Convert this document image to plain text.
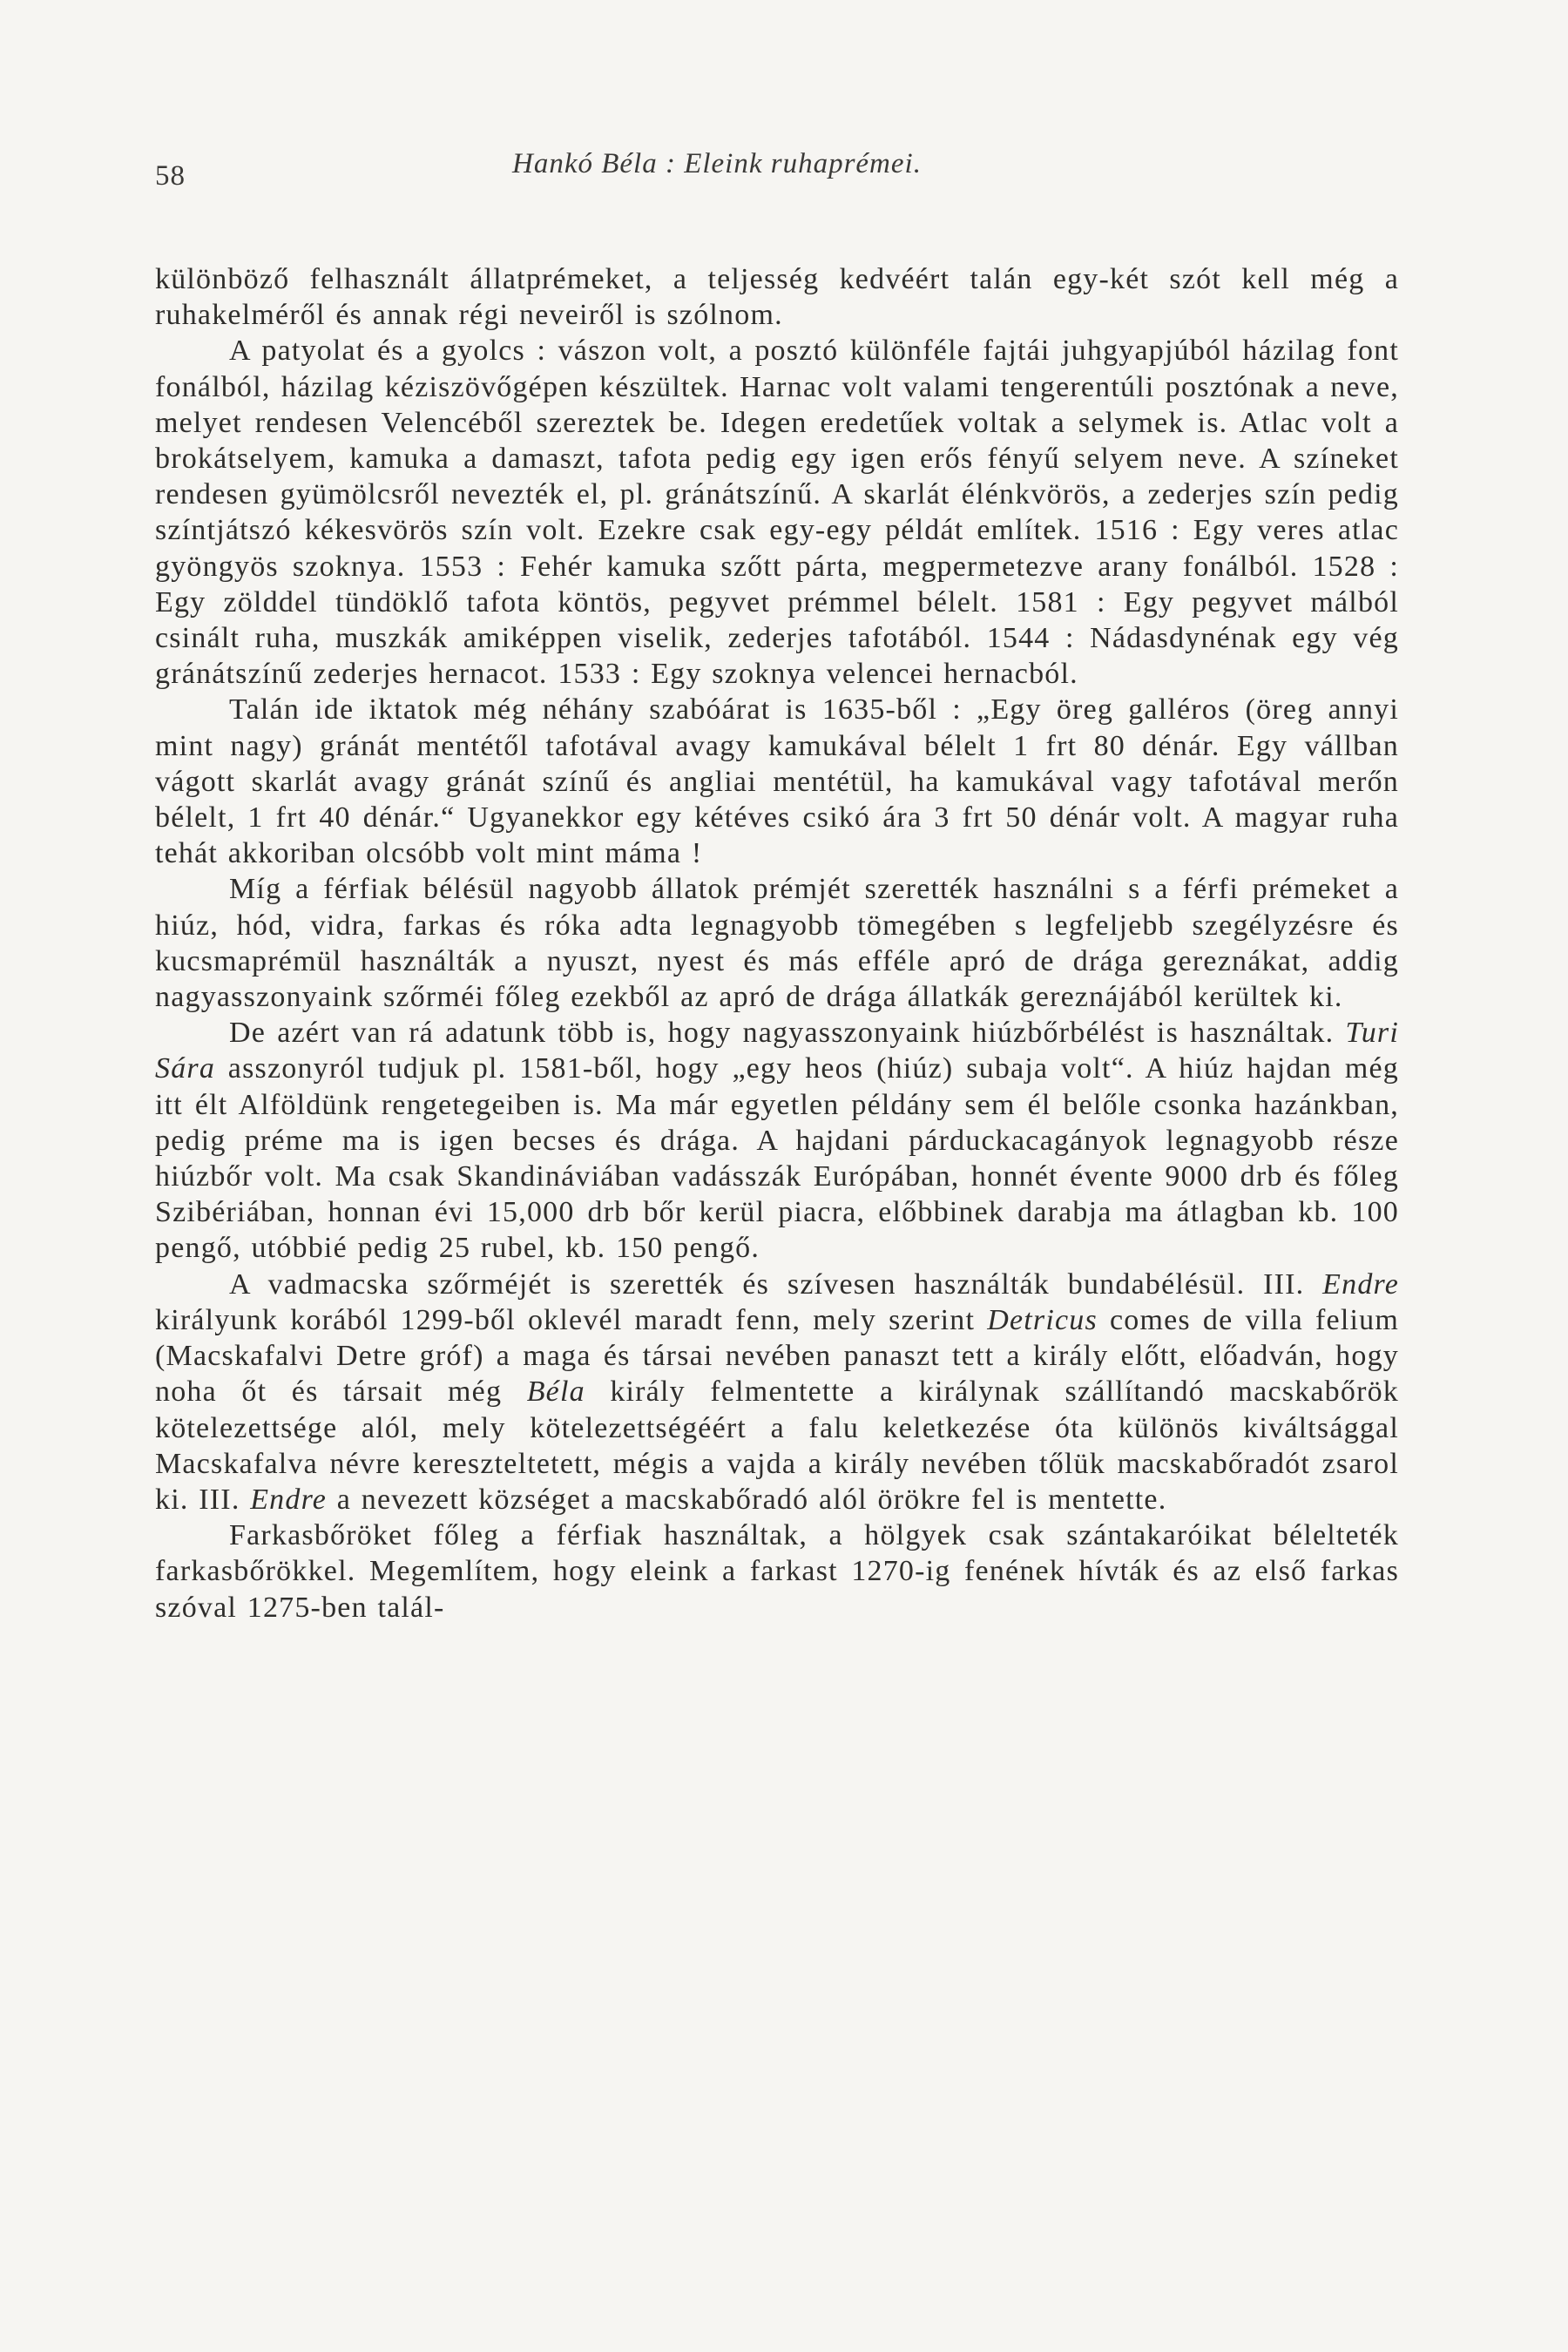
58	Hankó Béla : Eleink ruhaprémei.

különböző felhasznált állatprémeket, a teljesség kedvéért talán egy-két szót kell még a ruhakelméről és annak régi neveiről is szólnom.

A patyolat és a gyolcs : vászon volt, a posztó különféle fajtái juhgyapjúból házilag font fonálból, házilag kéziszövőgépen készültek. Harnac volt valami tengerentúli posztónak a neve, melyet rendesen Velencéből szereztek be. Idegen eredetűek voltak a selymek is. Atlac volt a brokátselyem, kamuka a damaszt, tafota pedig egy igen erős fényű selyem neve. A színeket rendesen gyümölcsről nevezték el, pl. gránátszínű. A skarlát élénkvörös, a zederjes szín pedig színtjátszó kékesvörös szín volt. Ezekre csak egy-egy példát említek. 1516 : Egy veres atlac gyöngyös szoknya. 1553 : Fehér kamuka szőtt párta, megpermetezve arany fonálból. 1528 : Egy zölddel tündöklő tafota köntös, pegyvet prémmel bélelt. 1581 : Egy pegyvet málból csinált ruha, muszkák amiképpen viselik, zederjes tafotából. 1544 : Nádasdynénak egy vég gránátszínű zederjes hernacot. 1533 : Egy szoknya velencei hernacból.

Talán ide iktatok még néhány szabóárat is 1635-ből : „Egy öreg galléros (öreg annyi mint nagy) gránát mentétől tafotával avagy kamukával bélelt 1 frt 80 dénár. Egy vállban vágott skarlát avagy gránát színű és angliai mentétül, ha kamukával vagy tafotával merőn bélelt, 1 frt 40 dénár.“ Ugyanekkor egy kétéves csikó ára 3 frt 50 dénár volt. A magyar ruha tehát akkoriban olcsóbb volt mint máma !

Míg a férfiak bélésül nagyobb állatok prémjét szerették használni s a férfi prémeket a hiúz, hód, vidra, farkas és róka adta legnagyobb tömegében s legfeljebb szegélyzésre és kucsmaprémül használták a nyuszt, nyest és más efféle apró de drága gereznákat, addig nagyasszonyaink szőrméi főleg ezekből az apró de drága állatkák gereznájából kerültek ki.

De azért van rá adatunk több is, hogy nagyasszonyaink hiúzbőrbélést is használtak. Turi Sára asszonyról tudjuk pl. 1581-ből, hogy „egy heos (hiúz) subaja volt“. A hiúz hajdan még itt élt Alföldünk rengetegeiben is. Ma már egyetlen példány sem él belőle csonka hazánkban, pedig préme ma is igen becses és drága. A hajdani párduckacagányok legnagyobb része hiúzbőr volt. Ma csak Skandináviában vadásszák Európában, honnét évente 9000 drb és főleg Szibériában, honnan évi 15,000 drb bőr kerül piacra, előbbinek darabja ma átlagban kb. 100 pengő, utóbbié pedig 25 rubel, kb. 150 pengő.

A vadmacska szőrméjét is szerették és szívesen használták bundabélésül. III. Endre királyunk korából 1299-ből oklevél maradt fenn, mely szerint Detricus comes de villa felium (Macskafalvi Detre gróf) a maga és társai nevében panaszt tett a király előtt, előadván, hogy noha őt és társait még Béla király felmentette a királynak szállítandó macskabőrök kötelezettsége alól, mely kötelezettségéért a falu keletkezése óta különös kiváltsággal Macskafalva névre kereszteltetett, mégis a vajda a király nevében tőlük macskabőradót zsarol ki. III. Endre a nevezett községet a macskabőradó alól örökre fel is mentette.

Farkasbőröket főleg a férfiak használtak, a hölgyek csak szántakaróikat bélelteték farkasbőrökkel. Megemlítem, hogy eleink a farkast 1270-ig fenének hívták és az első farkas szóval 1275-ben talál-
